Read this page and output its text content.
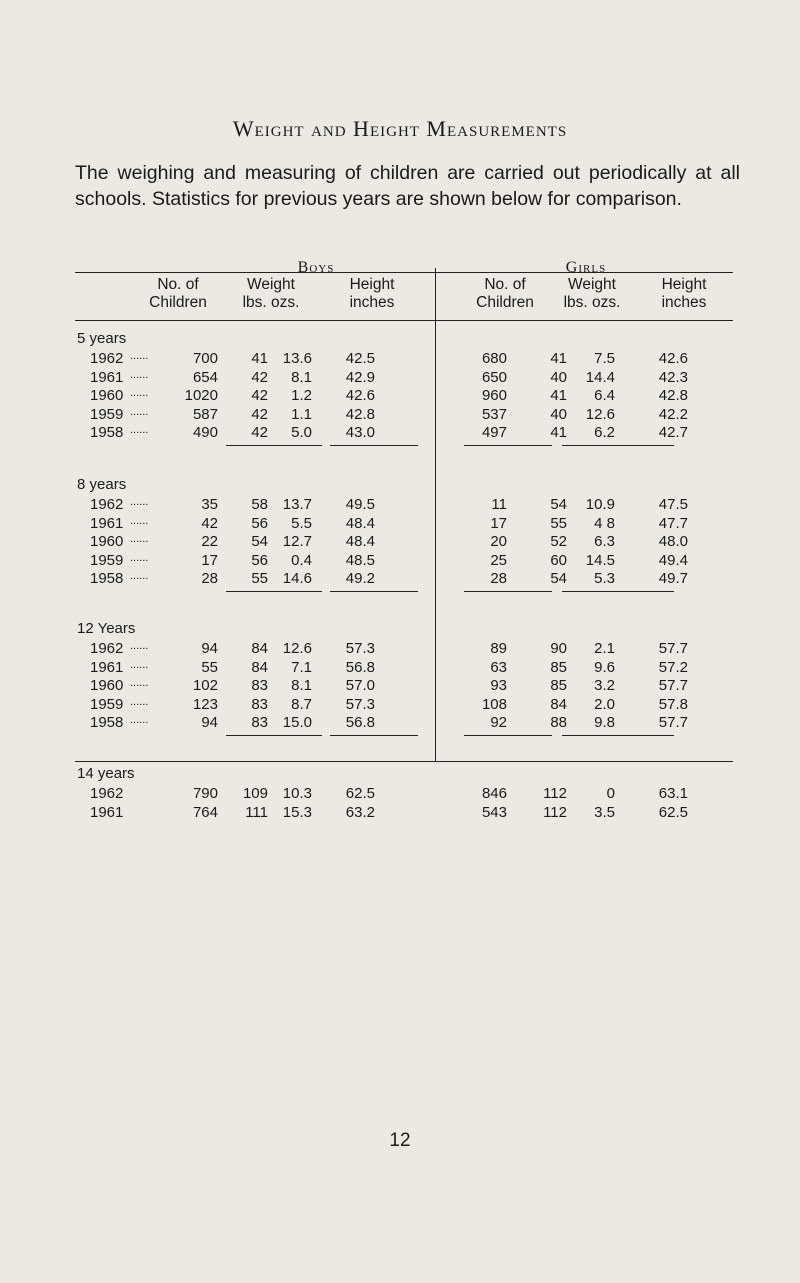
Weight and Height Measurements
The weighing and measuring of children are carried out periodically at all schools. Statistics for previous years are shown below for comparison.
Boys	Girls
No. of
Children
Weight
lbs. ozs.
Height
inches
No. of
Children
Weight
lbs. ozs.
Height
inches
5 years
1962 ......	700	41 13.6	42.5	680	41	7.5	42.6
1961 ......	654	42	8.1	42.9	650	40	14.4	42.3
1960 ......	1020	42	1.2	42.6	960	41	6.4	42.8
1959 ......	587	42	1.1	42.8	537	40	12.6	42.2
1958 ......	490	42	5.0	43.0	497	41	6.2	42.7
8 years
1962 ......	35	58 13.7	49.5	11	54	10.9	47.5
1961 ......	42	56	5.5	48.4	17	55	4 8	47.7
1960 ......	22	54 12.7	48.4	20	52	6.3	48.0
1959 ......	17	56	0.4	48.5	25	60	14.5	49.4
1958 ......	28	55 14.6	49.2	28	54	5.3	49.7
12 Years
1962 ......	94	84 12.6	57.3	89	90	2.1	57.7
1961 ......	55	84	7.1	56.8	63	85	9.6	57.2
1960 ......	102	83	8.1	57.0	93	85	3.2	57.7
1959 ......	123	83	8.7	57.3	108	84	2.0	57.8
1958 ......	94	83 15.0	56.8	92	88	9.8	57.7
14 years
1962	790	109 10.3	62.5	846	112	0	63.1
1961	764	111 15.3	63.2	543	112	3.5	62.5
12
